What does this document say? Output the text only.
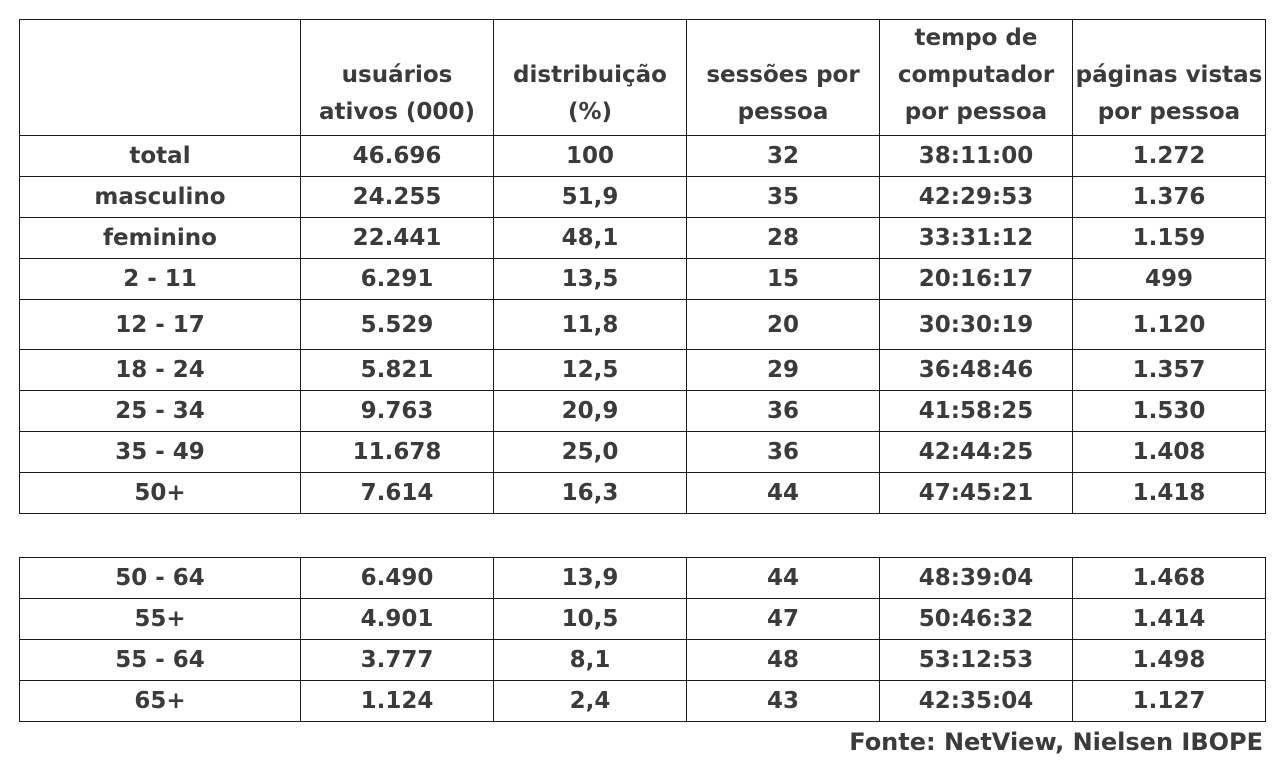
	usuários ativos (000)	distribuição (%)	sessões por pessoa	tempo de computador por pessoa	páginas vistas por pessoa
total	46.696	100	32	38:11:00	1.272
masculino	24.255	51,9	35	42:29:53	1.376
feminino	22.441	48,1	28	33:31:12	1.159
2 - 11	6.291	13,5	15	20:16:17	499
12 - 17	5.529	11,8	20	30:30:19	1.120
18 - 24	5.821	12,5	29	36:48:46	1.357
25 - 34	9.763	20,9	36	41:58:25	1.530
35 - 49	11.678	25,0	36	42:44:25	1.408
50+	7.614	16,3	44	47:45:21	1.418
50 - 64	6.490	13,9	44	48:39:04	1.468
55+	4.901	10,5	47	50:46:32	1.414
55 - 64	3.777	8,1	48	53:12:53	1.498
65+	1.124	2,4	43	42:35:04	1.127
Fonte: NetView, Nielsen IBOPE
